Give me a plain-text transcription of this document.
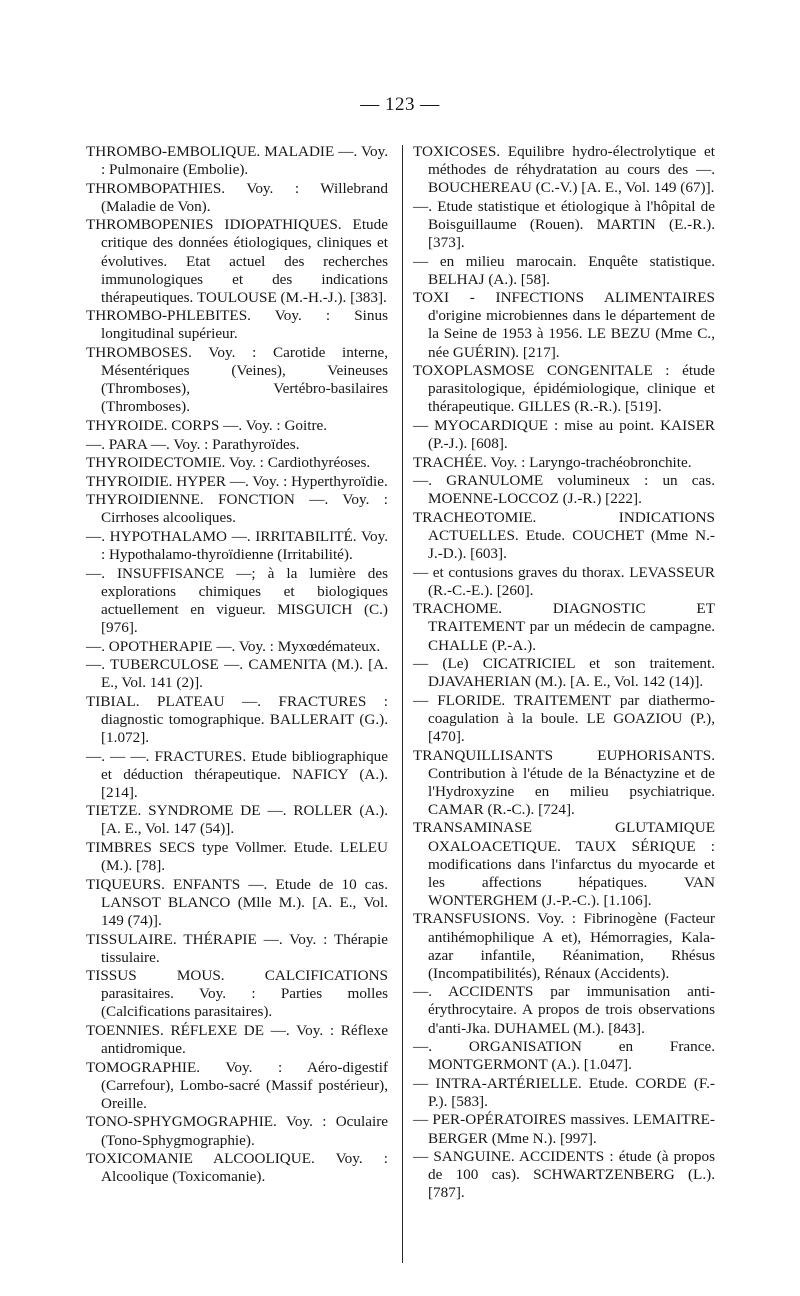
— 123 —
THROMBO-EMBOLIQUE. MALADIE —. Voy. : Pulmonaire (Embolie).
THROMBOPATHIES. Voy. : Willebrand (Maladie de Von).
THROMBOPENIES IDIOPATHIQUES. Etude critique des données étiologiques, cliniques et évolutives. Etat actuel des recherches immunologiques et des indications thérapeutiques. TOULOUSE (M.-H.-J.). [383].
THROMBO-PHLEBITES. Voy. : Sinus longitudinal supérieur.
THROMBOSES. Voy. : Carotide interne, Mésentériques (Veines), Veineuses (Thromboses), Vertébro-basilaires (Thromboses).
THYROIDE. CORPS —. Voy. : Goitre.
—. PARA —. Voy. : Parathyroïdes.
THYROIDECTOMIE. Voy. : Cardiothyréoses.
THYROIDIE. HYPER —. Voy. : Hyperthyroïdie.
THYROIDIENNE. FONCTION —. Voy. : Cirrhoses alcooliques.
—. HYPOTHALAMO —. IRRITABILITÉ. Voy. : Hypothalamo-thyroïdienne (Irritabilité).
—. INSUFFISANCE —; à la lumière des explorations chimiques et biologiques actuellement en vigueur. MISGUICH (C.) [976].
—. OPOTHERAPIE —. Voy. : Myxœdémateux.
—. TUBERCULOSE —. CAMENITA (M.). [A. E., Vol. 141 (2)].
TIBIAL. PLATEAU —. FRACTURES : diagnostic tomographique. BALLERAIT (G.). [1.072].
—. — —. FRACTURES. Etude bibliographique et déduction thérapeutique. NAFICY (A.). [214].
TIETZE. SYNDROME DE —. ROLLER (A.). [A. E., Vol. 147 (54)].
TIMBRES SECS type Vollmer. Etude. LELEU (M.). [78].
TIQUEURS. ENFANTS —. Etude de 10 cas. LANSOT BLANCO (Mlle M.). [A. E., Vol. 149 (74)].
TISSULAIRE. THÉRAPIE —. Voy. : Thérapie tissulaire.
TISSUS MOUS. CALCIFICATIONS parasitaires. Voy. : Parties molles (Calcifications parasitaires).
TOENNIES. RÉFLEXE DE —. Voy. : Réflexe antidromique.
TOMOGRAPHIE. Voy. : Aéro-digestif (Carrefour), Lombo-sacré (Massif postérieur), Oreille.
TONO-SPHYGMOGRAPHIE. Voy. : Oculaire (Tono-Sphygmographie).
TOXICOMANIE ALCOOLIQUE. Voy. : Alcoolique (Toxicomanie).
TOXICOSES. Equilibre hydro-électrolytique et méthodes de réhydratation au cours des —. BOUCHEREAU (C.-V.) [A. E., Vol. 149 (67)].
—. Etude statistique et étiologique à l'hôpital de Boisguillaume (Rouen). MARTIN (E.-R.). [373].
— en milieu marocain. Enquête statistique. BELHAJ (A.). [58].
TOXI - INFECTIONS ALIMENTAIRES d'origine microbiennes dans le département de la Seine de 1953 à 1956. LE BEZU (Mme C., née GUÉRIN). [217].
TOXOPLASMOSE CONGENITALE : étude parasitologique, épidémiologique, clinique et thérapeutique. GILLES (R.-R.). [519].
— MYOCARDIQUE : mise au point. KAISER (P.-J.). [608].
TRACHÉE. Voy. : Laryngo-trachéobronchite.
—. GRANULOME volumineux : un cas. MOENNE-LOCCOZ (J.-R.) [222].
TRACHEOTOMIE. INDICATIONS ACTUELLES. Etude. COUCHET (Mme N.-J.-D.). [603].
— et contusions graves du thorax. LEVASSEUR (R.-C.-E.). [260].
TRACHOME. DIAGNOSTIC ET TRAITEMENT par un médecin de campagne. CHALLE (P.-A.).
— (Le) CICATRICIEL et son traitement. DJAVAHERIAN (M.). [A. E., Vol. 142 (14)].
— FLORIDE. TRAITEMENT par diathermo-coagulation à la boule. LE GOAZIOU (P.), [470].
TRANQUILLISANTS EUPHORISANTS. Contribution à l'étude de la Bénactyzine et de l'Hydroxyzine en milieu psychiatrique. CAMAR (R.-C.). [724].
TRANSAMINASE GLUTAMIQUE OXALOACETIQUE. TAUX SÉRIQUE : modifications dans l'infarctus du myocarde et les affections hépatiques. VAN WONTERGHEM (J.-P.-C.). [1.106].
TRANSFUSIONS. Voy. : Fibrinogène (Facteur antihémophilique A et), Hémorragies, Kala-azar infantile, Réanimation, Rhésus (Incompatibilités), Rénaux (Accidents).
—. ACCIDENTS par immunisation anti-érythrocytaire. A propos de trois observations d'anti-Jka. DUHAMEL (M.). [843].
—. ORGANISATION en France. MONTGERMONT (A.). [1.047].
— INTRA-ARTÉRIELLE. Etude. CORDE (F.-P.). [583].
— PER-OPÉRATOIRES massives. LEMAITRE-BERGER (Mme N.). [997].
— SANGUINE. ACCIDENTS : étude (à propos de 100 cas). SCHWARTZENBERG (L.). [787].
